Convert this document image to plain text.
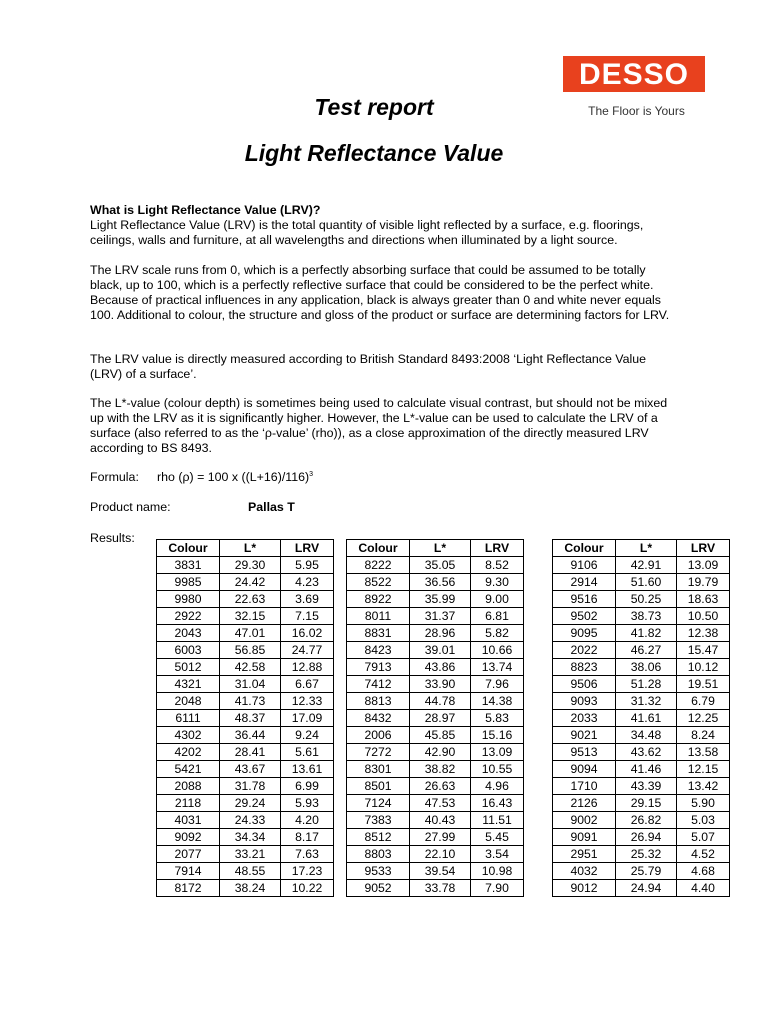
DESSO
The Floor is Yours
Test report
Light Reflectance Value

What is Light Reflectance Value (LRV)?

Light Reflectance Value (LRV) is the total quantity of visible light reflected by a surface, e.g. floorings, ceilings, walls and furniture, at all wavelengths and directions when illuminated by a light source.

The LRV scale runs from 0, which is a perfectly absorbing surface that could be assumed to be totally black, up to 100, which is a perfectly reflective surface that could be considered to be the perfect white. Because of practical influences in any application, black is always greater than 0 and white never equals 100. Additional to colour, the structure and gloss of the product or surface are determining factors for LRV.
The LRV value is directly measured according to British Standard 8493:2008 ‘Light Reflectance Value (LRV) of a surface’.
The L*-value (colour depth) is sometimes being used to calculate visual contrast, but should not be mixed up with the LRV as it is significantly higher. However, the L*-value can be used to calculate the LRV of a surface (also referred to as the ‘ρ-value’ (rho)), as a close approximation of the directly measured LRV according to BS 8493.
Formula: rho (ρ) = 100 x $((L+16)/116)^3$
Product name:	Pallas T
Results:
Colour	L*	LRV
3831	29.30	5.95
9985	24.42	4.23
9980	22.63	3.69
2922	32.15	7.15
2043	47.01	16.02
6003	56.85	24.77
5012	42.58	12.88
4321	31.04	6.67
2048	41.73	12.33
6111	48.37	17.09
4302	36.44	9.24
4202	28.41	5.61
5421	43.67	13.61
2088	31.78	6.99
2118	29.24	5.93
4031	24.33	4.20
9092	34.34	8.17
2077	33.21	7.63
7914	48.55	17.23
8172	38.24	10.22
Colour	L*	LRV
8222	35.05	8.52
8522	36.56	9.30
8922	35.99	9.00
8011	31.37	6.81
8831	28.96	5.82
8423	39.01	10.66
7913	43.86	13.74
7412	33.90	7.96
8813	44.78	14.38
8432	28.97	5.83
2006	45.85	15.16
7272	42.90	13.09
8301	38.82	10.55
8501	26.63	4.96
7124	47.53	16.43
7383	40.43	11.51
8512	27.99	5.45
8803	22.10	3.54
9533	39.54	10.98
9052	33.78	7.90
Colour	L*	LRV
9106	42.91	13.09
2914	51.60	19.79
9516	50.25	18.63
9502	38.73	10.50
9095	41.82	12.38
2022	46.27	15.47
8823	38.06	10.12
9506	51.28	19.51
9093	31.32	6.79
2033	41.61	12.25
9021	34.48	8.24
9513	43.62	13.58
9094	41.46	12.15
1710	43.39	13.42
2126	29.15	5.90
9002	26.82	5.03
9091	26.94	5.07
2951	25.32	4.52
4032	25.79	4.68
9012	24.94	4.40
